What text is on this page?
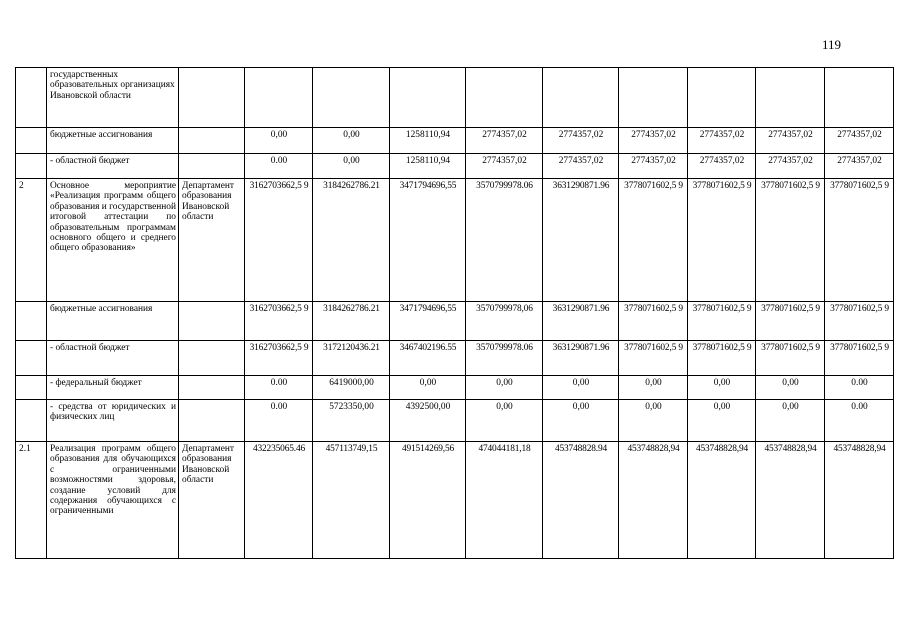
119
	государственных образовательных организациях Ивановской области										
	бюджетные ассигнования		0,00	0,00	1258110,94	2774357,02	2774357,02	2774357,02	2774357,02	2774357,02	2774357,02
	- областной бюджет		0.00	0,00	1258110,94	2774357,02	2774357,02	2774357,02	2774357,02	2774357,02	2774357,02
2	Основное мероприятие «Реализация программ общего образования и государственной итоговой аттестации по образовательным программам основного общего и среднего общего образования»	Департамент образования Ивановской области	3162703662,5 9	3184262786.21	3471794696,55	3570799978.06	3631290871.96	3778071602,5 9	3778071602,5 9	3778071602,5 9	3778071602,5 9
	бюджетные ассигнования		3162703662,5 9	3184262786.21	3471794696,55	3570799978,06	3631290871.96	3778071602,5 9	3778071602,5 9	3778071602,5 9	3778071602,5 9
	- областной бюджет		3162703662,5 9	3172120436.21	3467402196.55	3570799978.06	3631290871.96	3778071602,5 9	3778071602,5 9	3778071602,5 9	3778071602,5 9
	- федеральный бюджет		0.00	6419000,00	0,00	0,00	0,00	0,00	0,00	0,00	0.00
	- средства от юридических и физических лиц		0.00	5723350,00	4392500,00	0,00	0,00	0,00	0,00	0,00	0.00
2.1	Реализация программ общего образования для обучающихся с ограниченными возможностями здоровья, создание условий для содержания обучающихся с ограниченными	Департамент образования Ивановской области	432235065.46	457113749,15	491514269,56	474044181,18	453748828.94	453748828,94	453748828,94	453748828,94	453748828,94
